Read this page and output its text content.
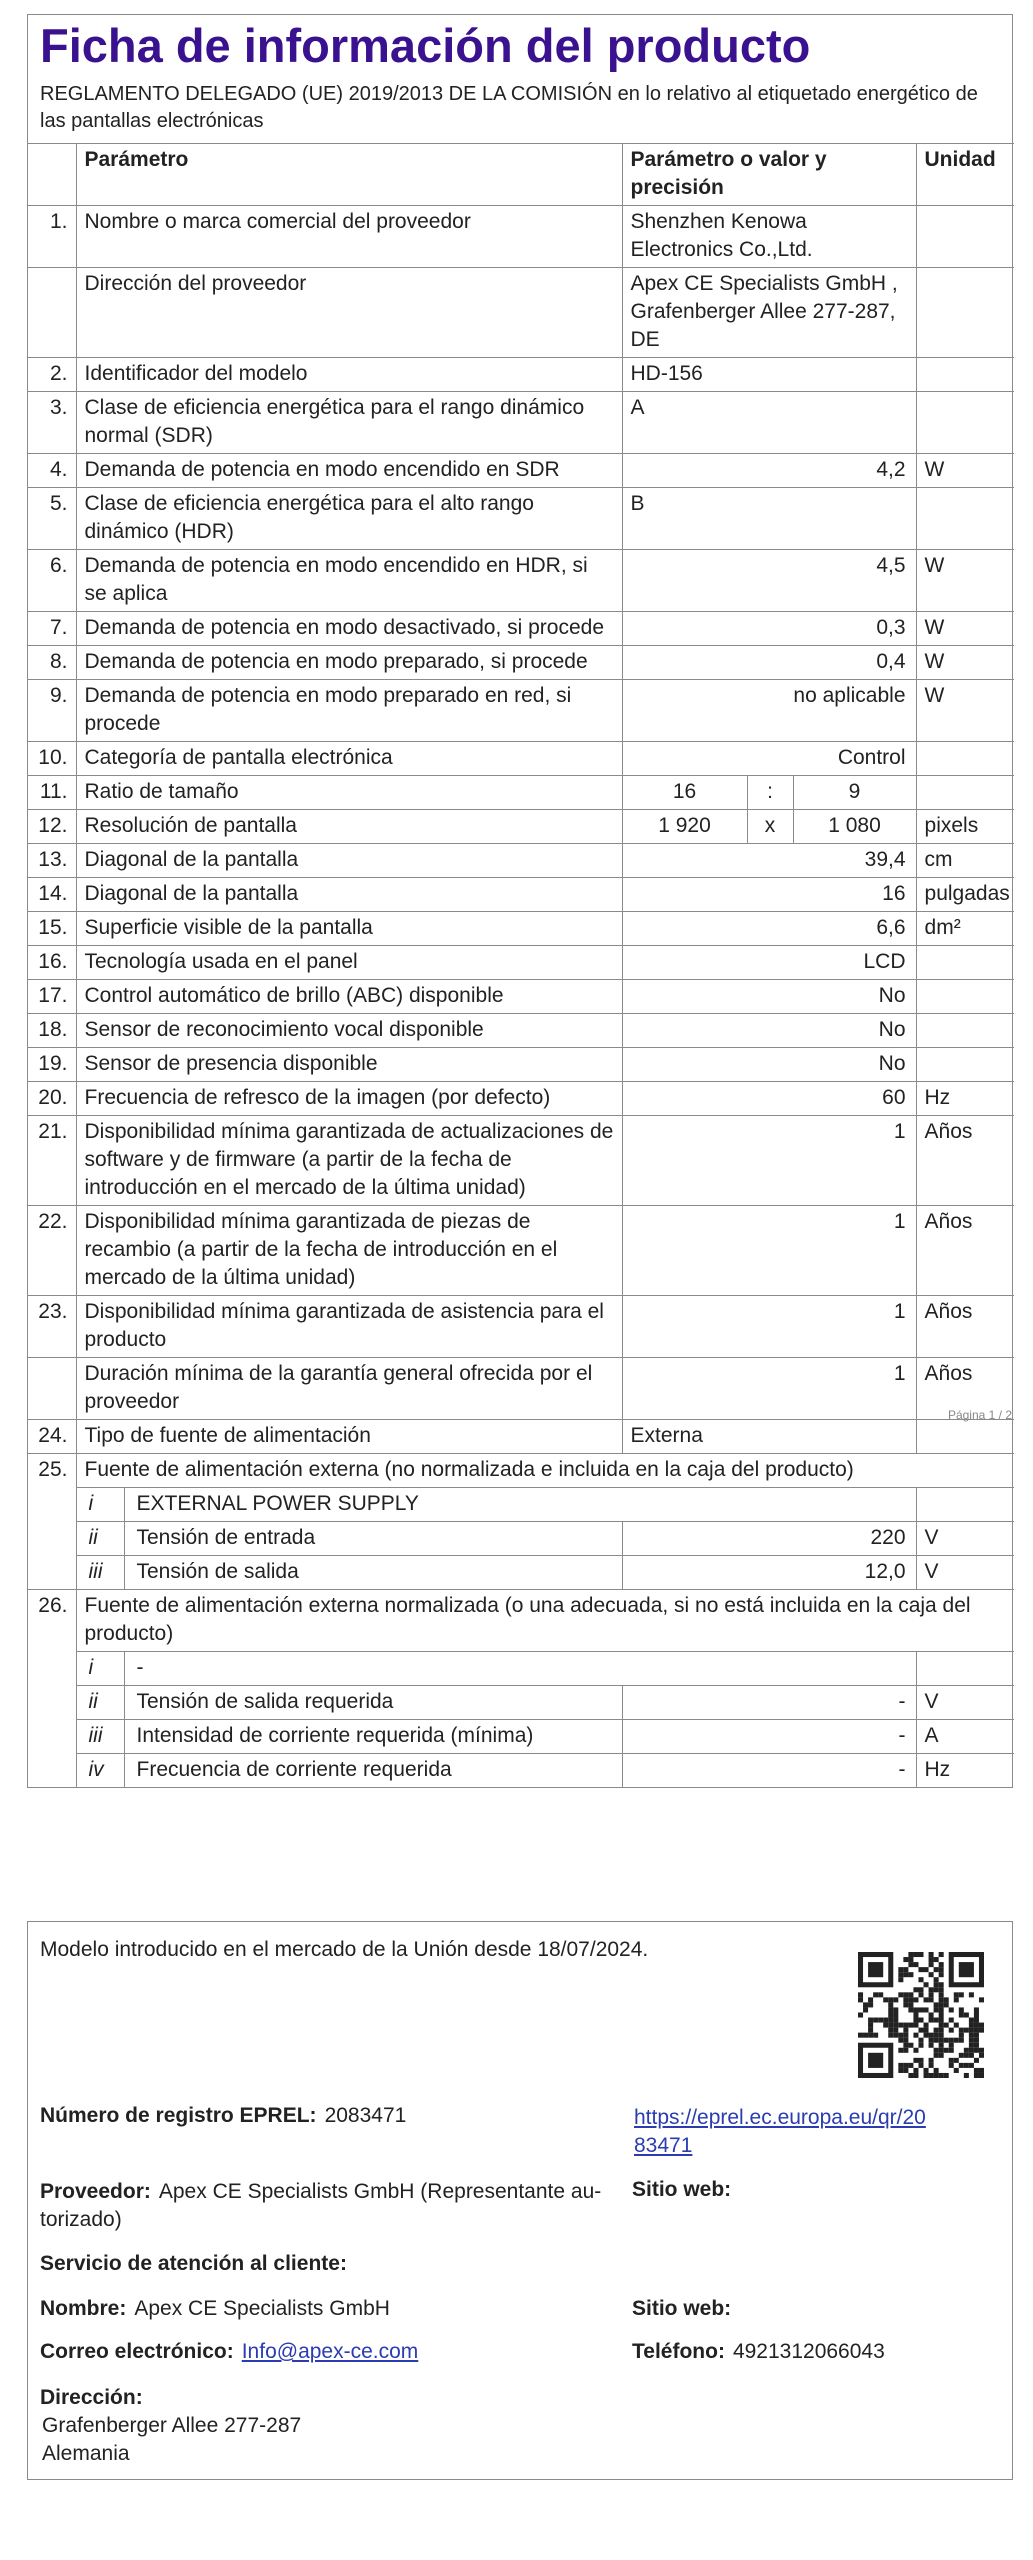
Ficha de información del producto
REGLAMENTO DELEGADO (UE) 2019/2013 DE LA COMISIÓN en lo relativo al etiquetado energético de las pantallas electrónicas
	Parámetro	Parámetro o valor y precisión			Unidad
1.	Nombre o marca comercial del proveedor	Shenzhen Kenowa Electronics Co.,Ltd.			
	Dirección del proveedor	Apex CE Specialists GmbH , Grafenberger Allee 277-287, DE			
2.	Identificador del modelo	HD-156			
3.	Clase de eficiencia energética para el rango dinámico normal (SDR)	A			
4.	Demanda de potencia en modo encendido en SDR	4,2			W
5.	Clase de eficiencia energética para el alto rango dinámico (HDR)	B			
6.	Demanda de potencia en modo encendido en HDR, si se aplica	4,5			W
7.	Demanda de potencia en modo desactivado, si procede	0,3			W
8.	Demanda de potencia en modo preparado, si procede	0,4			W
9.	Demanda de potencia en modo preparado en red, si procede	no aplicable			W
10.	Categoría de pantalla electrónica	Control			
11.	Ratio de tamaño	16	:	9	
12.	Resolución de pantalla	1 920	x	1 080	pixels
13.	Diagonal de la pantalla	39,4			cm
14.	Diagonal de la pantalla	16			pulgadas
15.	Superficie visible de la pantalla	6,6			dm²
16.	Tecnología usada en el panel	LCD			
17.	Control automático de brillo (ABC) disponible	No			
18.	Sensor de reconocimiento vocal disponible	No			
19.	Sensor de presencia disponible	No			
20.	Frecuencia de refresco de la imagen (por defecto)	60			Hz
21.	Disponibilidad mínima garantizada de actualizaciones de software y de firmware (a partir de la fecha de introducción en el mercado de la última unidad)	1			Años
22.	Disponibilidad mínima garantizada de piezas de recambio (a partir de la fecha de introducción en el mercado de la última unidad)	1			Años
23.	Disponibilidad mínima garantizada de asistencia para el producto	1			Años
	Duración mínima de la garantía general ofrecida por el proveedor	1			Años
Página 1 / 2

24.	Tipo de fuente de alimentación	Externa			
25.	Fuente de alimentación externa (no normalizada e incluida en la caja del producto)				

	i EXTERNAL POWER SUPPLY				

	ii Tensión de entrada	220			V

	iii Tensión de salida	12,0			V
26.	Fuente de alimentación externa normalizada (o una adecuada, si no está incluida en la caja del producto)				

	i -				

	ii Tensión de salida requerida	-			V

	iii Intensidad de corriente requerida (mínima)	-			A

	iv Frecuencia de corriente requerida	-			Hz
Modelo introducido en el mercado de la Unión desde 18/07/2024.
Número de registro EPREL: 2083471	https://eprel.ec.europa.eu/qr/20
83471
Proveedor: Apex CE Specialists GmbH (Representante au-
torizado)
Sitio web:
Servicio de atención al cliente:
Nombre: Apex CE Specialists GmbH	Sitio web:
Correo electrónico: Info@apex-ce.com	Teléfono: 4921312066043
Dirección:
Grafenberger Allee 277-287
Alemania
